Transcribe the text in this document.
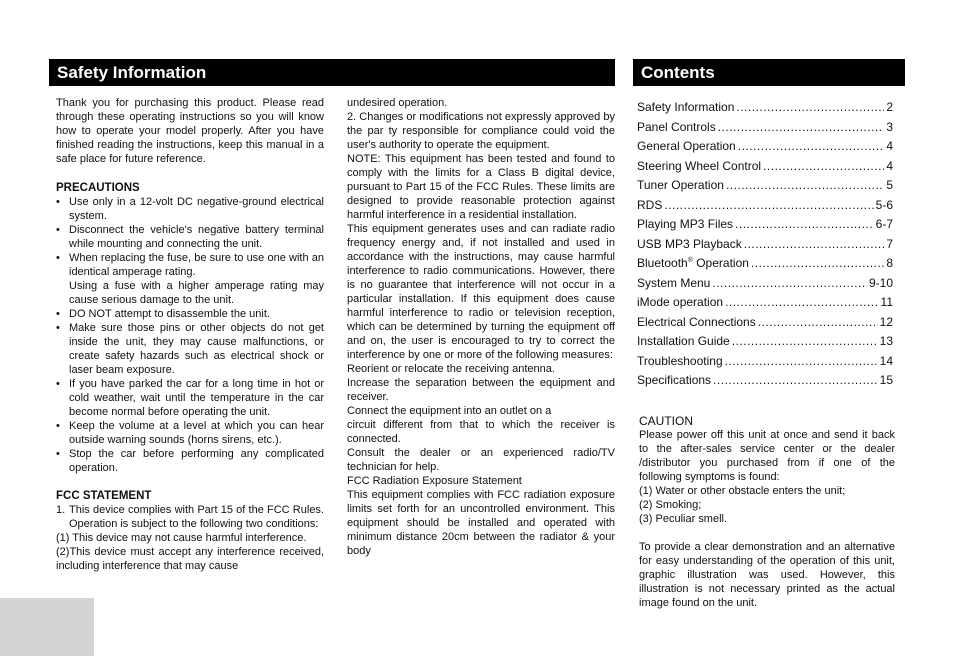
Safety Information	Contents

Thank you for purchasing this product. Please read through these operating instructions so you will know how to operate your model properly. After you have finished reading the instructions, keep this manual in a safe place for future reference.

PRECAUTIONS
• Use only in a 12-volt DC negative-ground electrical system.
• Disconnect the vehicle's negative battery terminal while mounting and connecting the unit.
• When replacing the fuse, be sure to use one with an identical amperage rating.
Using a fuse with a higher amperage rating may cause serious damage to the unit.
• DO NOT attempt to disassemble the unit.
• Make sure those pins or other objects do not get inside the unit, they may cause malfunctions, or create safety hazards such as electrical shock or laser beam exposure.
• If you have parked the car for a long time in hot or cold weather, wait until the temperature in the car become normal before operating the unit.
• Keep the volume at a level at which you can hear outside warning sounds (horns sirens, etc.).
• Stop the car before performing any complicated operation.
FCC STATEMENT

1. This device complies with Part 15 of the FCC Rules. Operation is subject to the following two conditions:

(1) This device may not cause harmful interference.

(2)This device must accept any interference received, including interference that may cause

undesired operation.

2. Changes or modifications not expressly approved by the par ty responsible for compliance could void the user's authority to operate the equipment.

NOTE: This equipment has been tested and found to comply with the limits for a Class B digital device, pursuant to Part 15 of the FCC Rules. These limits are designed to provide reasonable protection against harmful interference in a residential installation.

This equipment generates uses and can radiate radio frequency energy and, if not installed and used in accordance with the instructions, may cause harmful interference to radio communications. However, there is no guarantee that interference will not occur in a particular installation. If this equipment does cause harmful interference to radio or television reception, which can be determined by turning the equipment off and on, the user is encouraged to try to correct the interference by one or more of the following measures:

Reorient or relocate the receiving antenna.

Increase the separation between the equipment and receiver.

Connect the equipment into an outlet on a

circuit different from that to which the receiver is connected.

Consult the dealer or an experienced radio/TV technician for help.

FCC Radiation Exposure Statement

This equipment complies with FCC radiation exposure limits set forth for an uncontrolled environment. This equipment should be installed and operated with minimum distance 20cm between the radiator & your body

Safety Information .....	2
Panel Controls .....	3
General Operation .....	4
Steering Wheel Control .....	4
Tuner Operation .....	5
RDS .....	5-6
Playing MP3 Files .....	6-7
USB MP3 Playback .....	7
Bluetooth® Operation .....	8
System Menu .....	9-10
iMode operation .....	11
Electrical Connections .....	12
Installation Guide .....	13
Troubleshooting .....	14
Specifications .....	15

CAUTION

Please power off this unit at once and send it back to the after-sales service center or the dealer /distributor you purchased from if one of the following symptoms is found:

(1) Water or other obstacle enters the unit;

(2) Smoking;

(3) Peculiar smell.

To provide a clear demonstration and an alternative for easy understanding of the operation of this unit, graphic illustration was used. However, this illustration is not necessary printed as the actual image found on the unit.
